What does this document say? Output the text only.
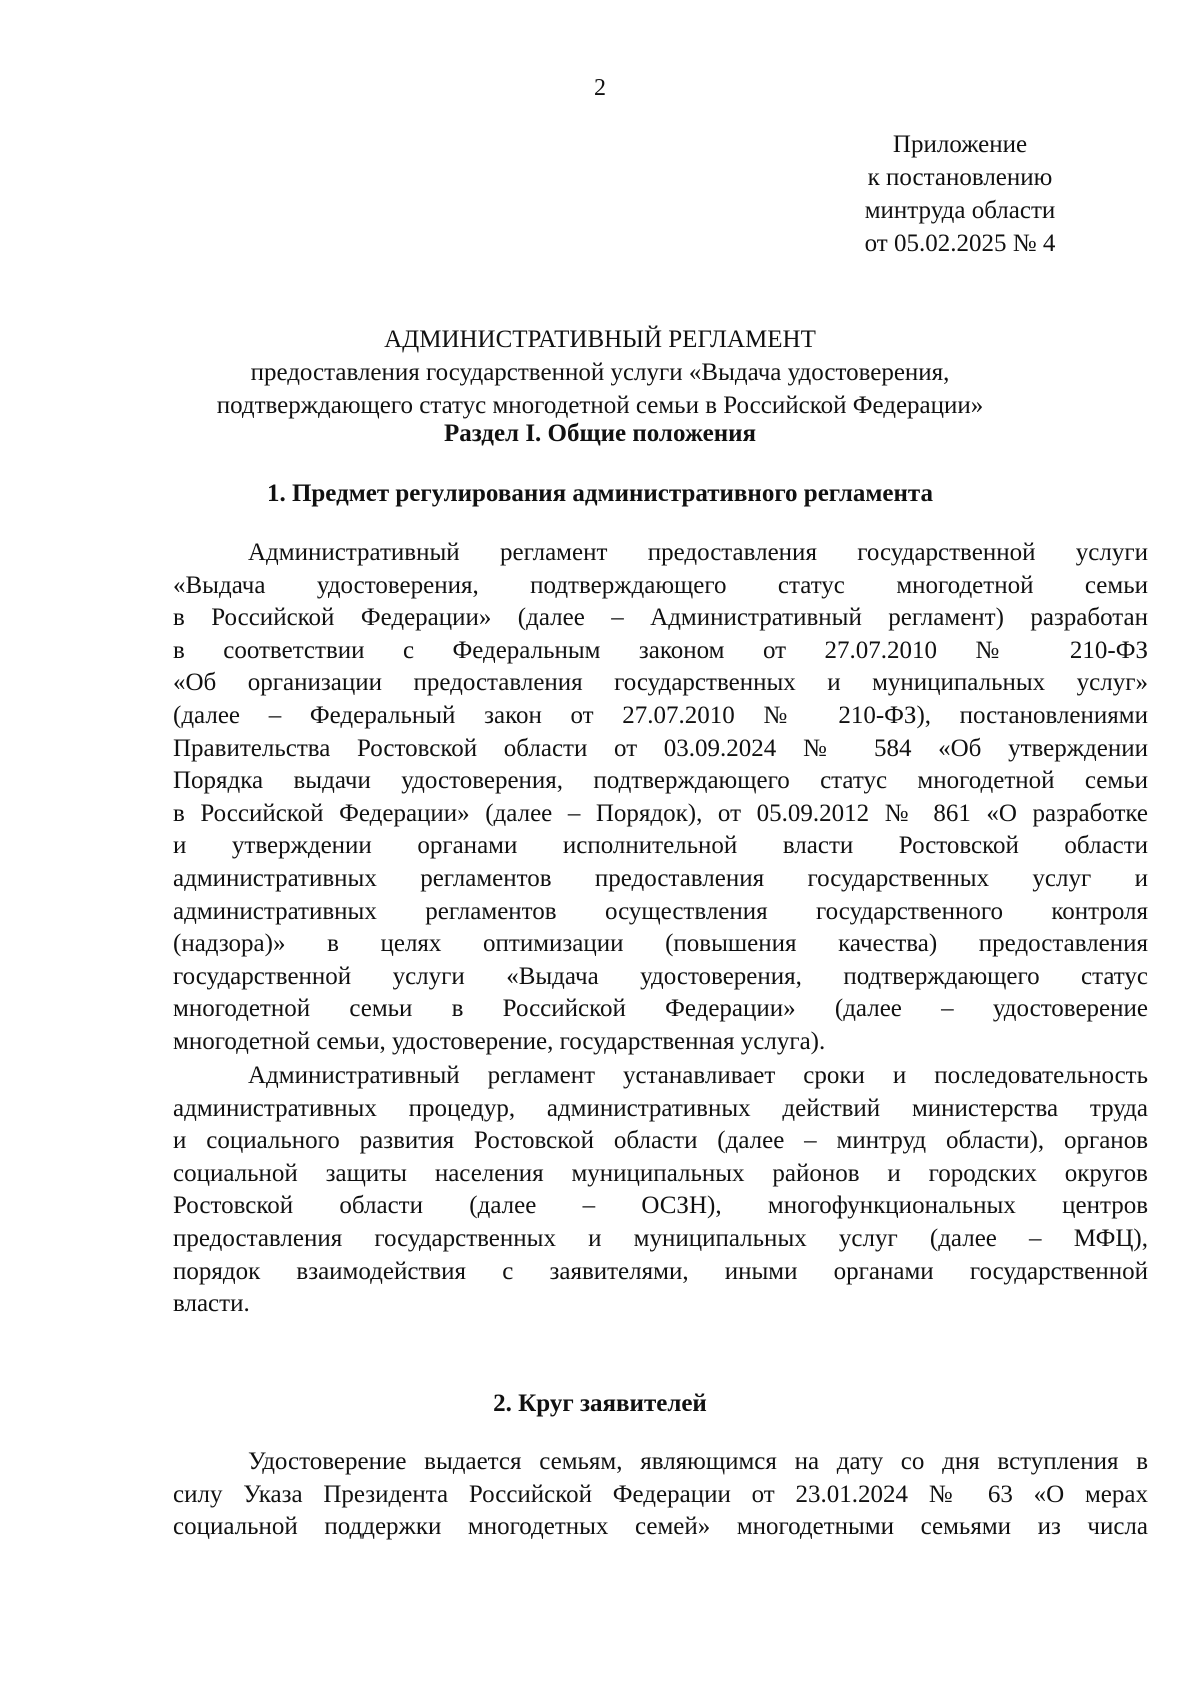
2
Приложение
к постановлению
минтруда области
от 05.02.2025 № 4
АДМИНИСТРАТИВНЫЙ РЕГЛАМЕНТ
предоставления государственной услуги «Выдача удостоверения,
подтверждающего статус многодетной семьи в Российской Федерации»
Раздел I. Общие положения
1. Предмет регулирования административного регламента
Административный регламент предоставления государственной услуги
«Выдача удостоверения, подтверждающего статус многодетной семьи
в Российской Федерации» (далее – Административный регламент) разработан
в соответствии с Федеральным законом от 27.07.2010 № 210-ФЗ
«Об организации предоставления государственных и муниципальных услуг»
(далее – Федеральный закон от 27.07.2010 № 210-ФЗ), постановлениями
Правительства Ростовской области от 03.09.2024 № 584 «Об утверждении
Порядка выдачи удостоверения, подтверждающего статус многодетной семьи
в Российской Федерации» (далее – Порядок), от 05.09.2012 № 861 «О разработке
и утверждении органами исполнительной власти Ростовской области
административных регламентов предоставления государственных услуг и
административных регламентов осуществления государственного контроля
(надзора)» в целях оптимизации (повышения качества) предоставления
государственной услуги «Выдача удостоверения, подтверждающего статус
многодетной семьи в Российской Федерации» (далее – удостоверение
многодетной семьи, удостоверение, государственная услуга).
Административный регламент устанавливает сроки и последовательность
административных процедур, административных действий министерства труда
и социального развития Ростовской области (далее – минтруд области), органов
социальной защиты населения муниципальных районов и городских округов
Ростовской области (далее – ОСЗН), многофункциональных центров
предоставления государственных и муниципальных услуг (далее – МФЦ),
порядок взаимодействия с заявителями, иными органами государственной
власти.
2. Круг заявителей
Удостоверение выдается семьям, являющимся на дату со дня вступления в
силу Указа Президента Российской Федерации от 23.01.2024 № 63 «О мерах
социальной поддержки многодетных семей» многодетными семьями из числа
